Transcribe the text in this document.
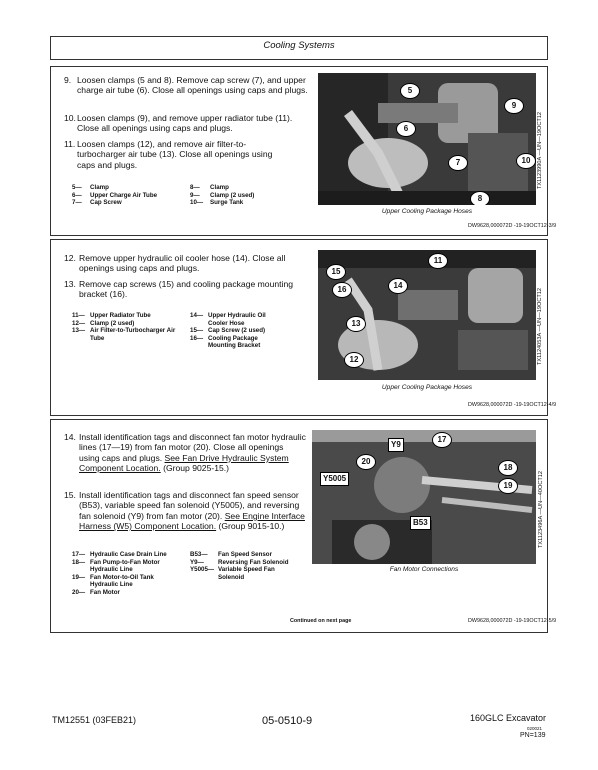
Cooling Systems
9. Loosen clamps (5 and 8). Remove cap screw (7), and upper charge air tube (6). Close all openings using caps and plugs.
10. Loosen clamps (9), and remove upper radiator tube (11). Close all openings using caps and plugs.
11. Loosen clamps (12), and remove air filter-to-turbocharger air tube (13). Close all openings using caps and plugs.
5—	Clamp
6—	Upper Charge Air Tube
7—	Cap Screw
8—	Clamp
9—	Clamp (2 used)
10—	Surge Tank
5
9
6
7	10
8
Upper Cooling Package Hoses
TX1123990A —UN—19OCT12
DW9628,000072D -19-19OCT12-3/9
12. Remove upper hydraulic oil cooler hose (14). Close all openings using caps and plugs.
13. Remove cap screws (15) and cooling package mounting bracket (16).
11— Upper Radiator Tube
12— Clamp (2 used)
13— Air Filter-to-Turbocharger Air Tube
14— Upper Hydraulic Oil Cooler Hose
15— Cap Screw (2 used)
16— Cooling Package Mounting Bracket
11
15
14
16
13
12
Upper Cooling Package Hoses
TX1124053A —UN—19OCT12
DW9628,000072D -19-19OCT12-4/9
14. Install identification tags and disconnect fan motor hydraulic lines (17—19) from fan motor (20). Close all openings using caps and plugs. See Fan Drive Hydraulic System Component Location. (Group 9025-15.)
15. Install identification tags and disconnect fan speed sensor (B53), variable speed fan solenoid (Y5005), and reversing fan solenoid (Y9) from fan motor (20). See Engine Interface Harness (W5) Component Location. (Group 9015-10.)
17— Hydraulic Case Drain Line
18— Fan Pump-to-Fan Motor Hydraulic Line
19— Fan Motor-to-Oil Tank Hydraulic Line
20— Fan Motor
B53—	Fan Speed Sensor
Y9—	Reversing Fan Solenoid
Y5005— Variable Speed Fan Solenoid
Y9
17
20
18
Y5005
19
B53
Fan Motor Connections
TX1123496A —UN—40OCT12
Continued on next page	DW9628,000072D -19-19OCT12-5/9
TM12551 (03FEB21)	05-0510-9	160GLC Excavator
020021
PN=139
